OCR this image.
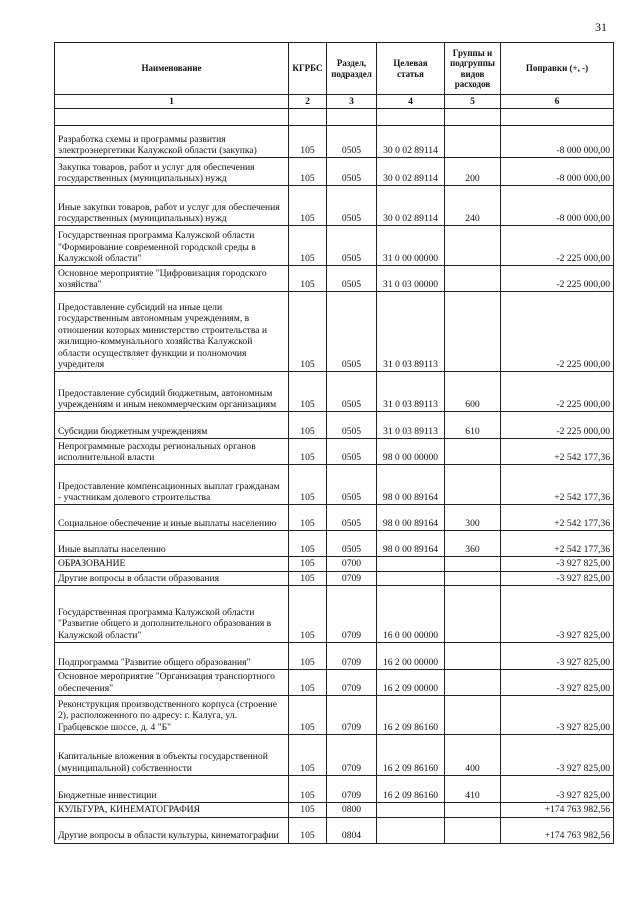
31
Наименование	КГРБС	Раздел, подраздел	Целевая статья	Группы и подгруппы видов расходов	Поправки (+, -)
1	2	3	4	5	6

Разработка схемы и программы развития электроэнергетики Калужской области (закупка)	105	0505	30 0 02 89114		-8 000 000,00
Закупка товаров, работ и услуг для обеспечения государственных (муниципальных) нужд	105	0505	30 0 02 89114	200	-8 000 000,00
Иные закупки товаров, работ и услуг для обеспечения государственных (муниципальных) нужд	105	0505	30 0 02 89114	240	-8 000 000,00
Государственная программа Калужской области "Формирование современной городской среды в Калужской области"	105	0505	31 0 00 00000		-2 225 000,00
Основное мероприятие "Цифровизация городского хозяйства"	105	0505	31 0 03 00000		-2 225 000,00
Предоставление субсидий на иные цели государственным автономным учреждениям, в отношении которых министерство строительства и жилищно-коммунального хозяйства Калужской области осуществляет функции и полномочия учредителя	105	0505	31 0 03 89113		-2 225 000,00
Предоставление субсидий бюджетным, автономным учреждениям и иным некоммерческим организациям	105	0505	31 0 03 89113	600	-2 225 000,00
Субсидии бюджетным учреждениям	105	0505	31 0 03 89113	610	-2 225 000,00
Непрограммные расходы региональных органов исполнительной власти	105	0505	98 0 00 00000		+2 542 177,36
Предоставление компенсационных выплат гражданам - участникам долевого строительства	105	0505	98 0 00 89164		+2 542 177,36
Социальное обеспечение и иные выплаты населению	105	0505	98 0 00 89164	300	+2 542 177,36
Иные выплаты населению	105	0505	98 0 00 89164	360	+2 542 177,36
ОБРАЗОВАНИЕ	105	0700			-3 927 825,00
Другие вопросы в области образования	105	0709			-3 927 825,00
Государственная программа Калужской области "Развитие общего и дополнительного образования в Калужской области"	105	0709	16 0 00 00000		-3 927 825,00
Подпрограмма "Развитие общего образования"	105	0709	16 2 00 00000		-3 927 825,00
Основное мероприятие "Организация транспортного обеспечения"	105	0709	16 2 09 00000		-3 927 825,00
Реконструкция производственного корпуса (строение 2), расположенного по адресу: г. Калуга, ул. Грабцевское шоссе, д. 4 "Б"	105	0709	16 2 09 86160		-3 927 825,00
Капитальные вложения в объекты государственной (муниципальной) собственности	105	0709	16 2 09 86160	400	-3 927 825,00
Бюджетные инвестиции	105	0709	16 2 09 86160	410	-3 927 825,00
КУЛЬТУРА, КИНЕМАТОГРАФИЯ	105	0800			+174 763 982,56
Другие вопросы в области культуры, кинематографии	105	0804			+174 763 982,56
